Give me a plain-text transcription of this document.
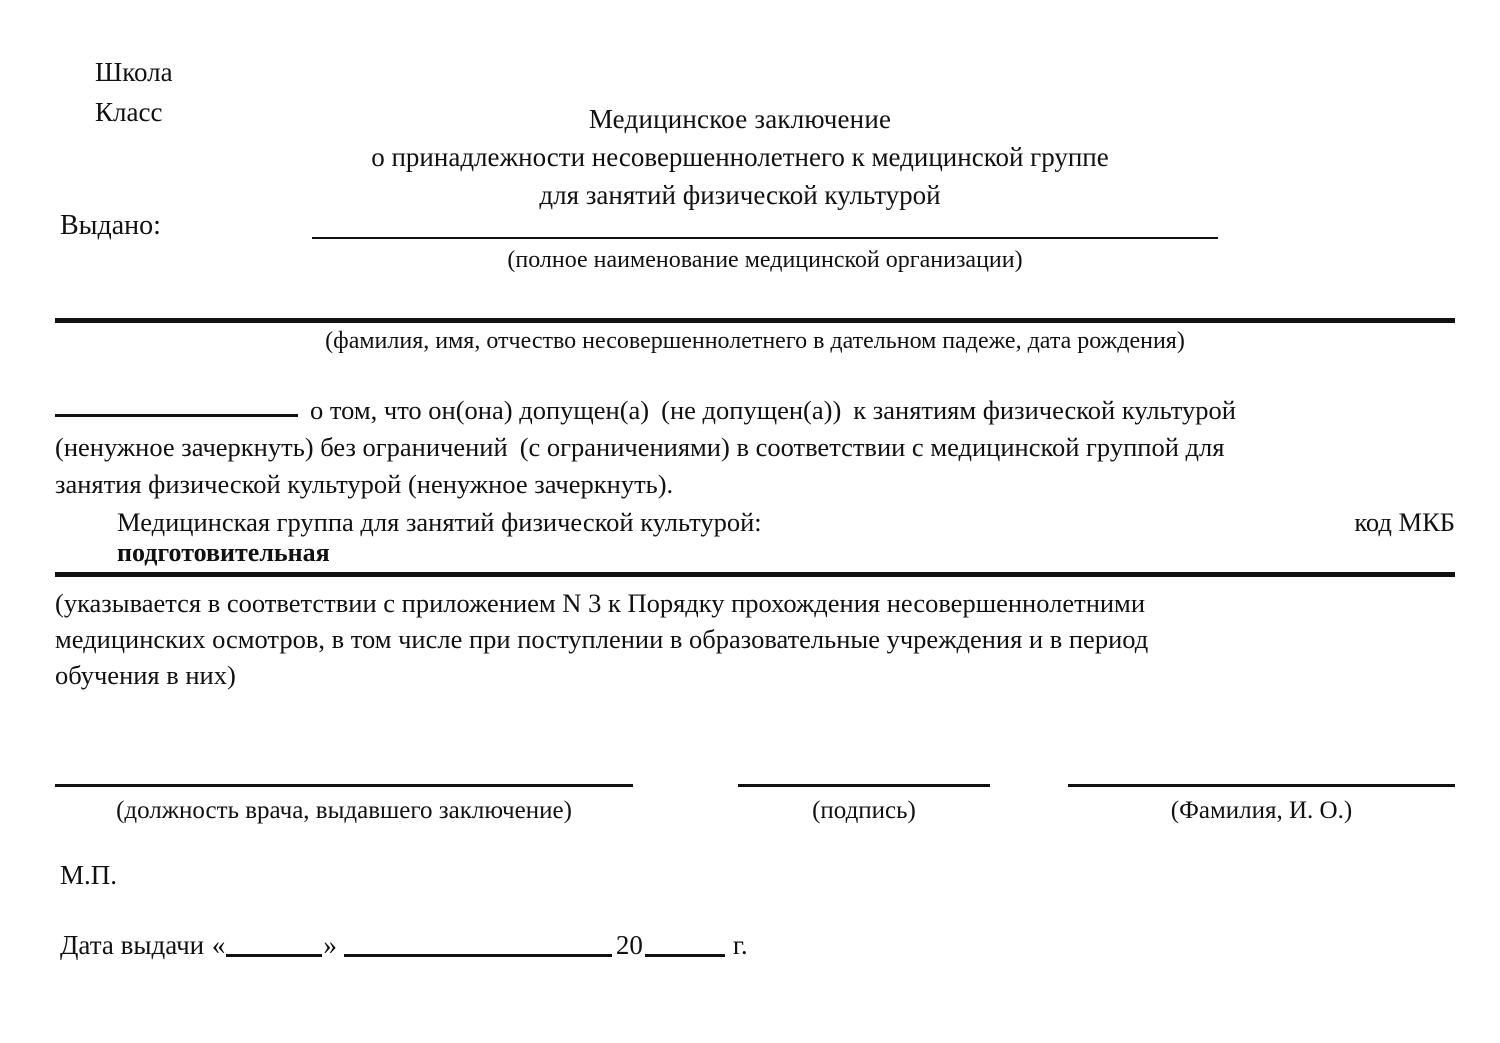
Школа
Класс	Медицинское заключение
о принадлежности несовершеннолетнего к медицинской группе
для занятий физической культурой
Выдано:
(полное наименование медицинской организации)
(фамилия, имя, отчество несовершеннолетнего в дательном падеже, дата рождения)
о том, что он(она) допущен(а) (не допущен(а)) к занятиям физической культурой
(ненужное зачеркнуть) без ограничений (с ограничениями) в соответствии с медицинской группой для
занятия физической культурой (ненужное зачеркнуть).
Медицинская группа для занятий физической культурой:	код МКБ
подготовительная
(указывается в соответствии с приложением N 3 к Порядку прохождения несовершеннолетними
медицинских осмотров, в том числе при поступлении в образовательные учреждения и в период
обучения в них)
(должность врача, выдавшего заключение)	(подпись)	(Фамилия, И. О.)
М.П.
Дата выдачи «	»	20	г.
